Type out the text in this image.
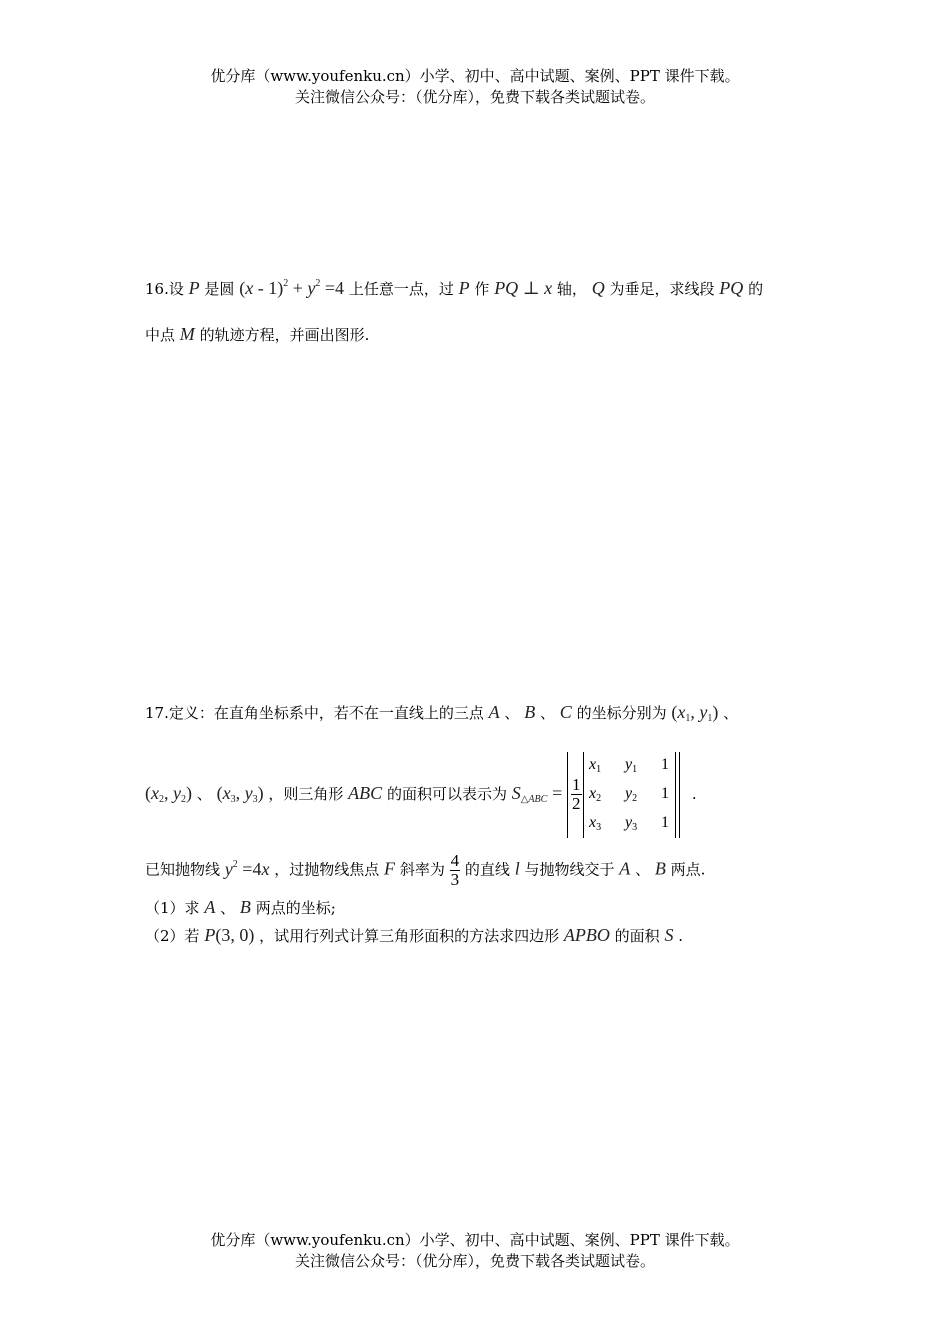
优分库（www.youfenku.cn）小学、初中、高中试题、案例、PPT 课件下载。
关注微信公众号：（优分库），免费下载各类试题试卷。
16.设 P 是圆 $(x - 1)^2 + y^2 =4$ 上任意一点，过 P 作 PQ ⊥ x 轴， Q 为垂足，求线段 PQ 的
中点 M 的轨迹方程，并画出图形.
17.定义：在直角坐标系中，若不在一直线上的三点 A 、 B 、 C 的坐标分别为 ($x_1$, $y_1$) 、
($x_2$, $y_2$) 、 ($x_3$, $y_3$) ，则三角形 ABC 的面积可以表示为 $S_{\triangle ABC} = \frac{1}{2}$
$x_1$ $y_1$ 1
$x_2$ $y_2$ 1
$x_3$ $y_3$ 1
.
已知抛物线 $y^2 =4x$ ，过抛物线焦点 F 斜率为 $\frac{4}{3}$ 的直线 l 与抛物线交于 A 、 B 两点.
（1）求 A 、 B 两点的坐标;
（2）若 P(3, 0) ，试用行列式计算三角形面积的方法求四边形 APBO 的面积 S .
优分库（www.youfenku.cn）小学、初中、高中试题、案例、PPT 课件下载。
关注微信公众号：（优分库），免费下载各类试题试卷。
